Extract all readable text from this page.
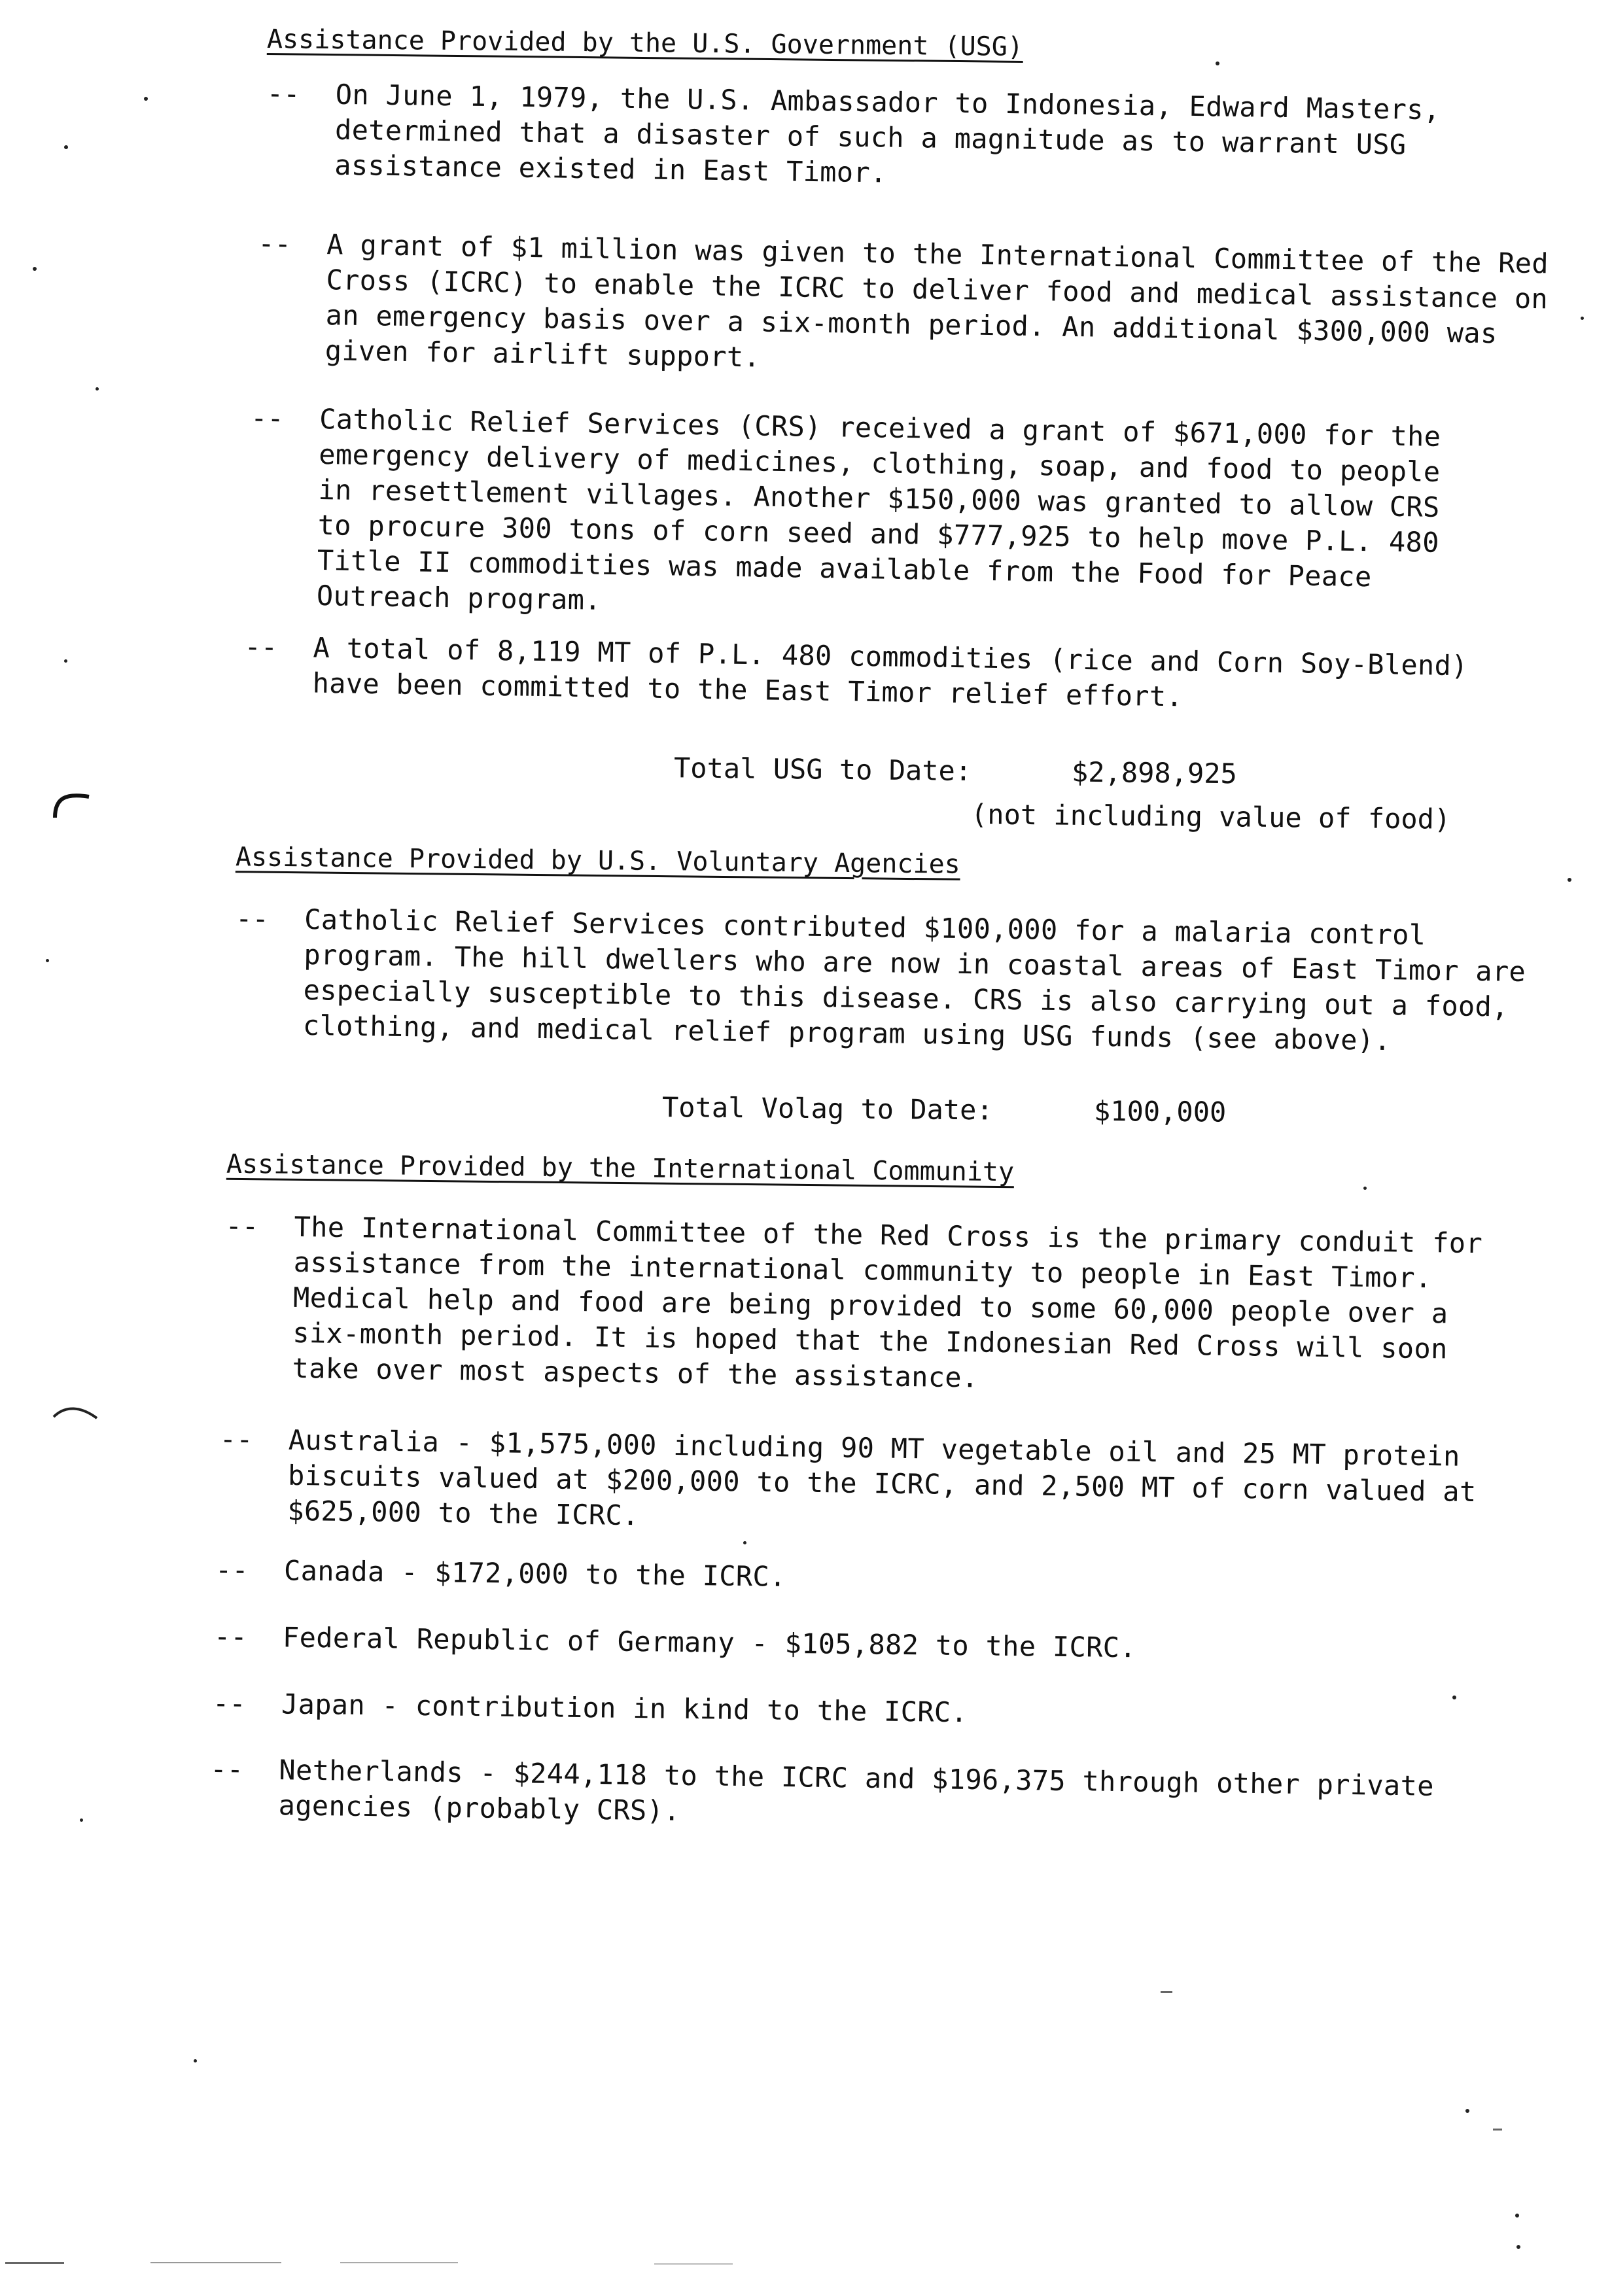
Assistance Provided by the U.S. Government (USG)
-- On June 1, 1979, the U.S. Ambassador to Indonesia, Edward Masters, determined that a disaster of such a magnitude as to warrant USG assistance existed in East Timor.
-- A grant of $1 million was given to the International Committee of the Red Cross (ICRC) to enable the ICRC to deliver food and medical assistance on an emergency basis over a six-month period. An additional $300,000 was given for airlift support.
-- Catholic Relief Services (CRS) received a grant of $671,000 for the emergency delivery of medicines, clothing, soap, and food to people in resettlement villages. Another $150,000 was granted to allow CRS to procure 300 tons of corn seed and $777,925 to help move P.L. 480 Title II commodities was made available from the Food for Peace Outreach program.
-- A total of 8,119 MT of P.L. 480 commodities (rice and Corn Soy-Blend) have been committed to the East Timor relief effort.
Total USG to Date:	$2,898,925
(not including value of food)
Assistance Provided by U.S. Voluntary Agencies
-- Catholic Relief Services contributed $100,000 for a malaria control program. The hill dwellers who are now in coastal areas of East Timor are especially susceptible to this disease. CRS is also carrying out a food, clothing, and medical relief program using USG funds (see above).
Total Volag to Date:	$100,000
Assistance Provided by the International Community
-- The International Committee of the Red Cross is the primary conduit for assistance from the international community to people in East Timor. Medical help and food are being provided to some 60,000 people over a six-month period. It is hoped that the Indonesian Red Cross will soon take over most aspects of the assistance.
-- Australia - $1,575,000 including 90 MT vegetable oil and 25 MT protein biscuits valued at $200,000 to the ICRC, and 2,500 MT of corn valued at $625,000 to the ICRC.
-- Canada - $172,000 to the ICRC.
-- Federal Republic of Germany - $105,882 to the ICRC.
-- Japan - contribution in kind to the ICRC.
-- Netherlands - $244,118 to the ICRC and $196,375 through other private agencies (probably CRS).
